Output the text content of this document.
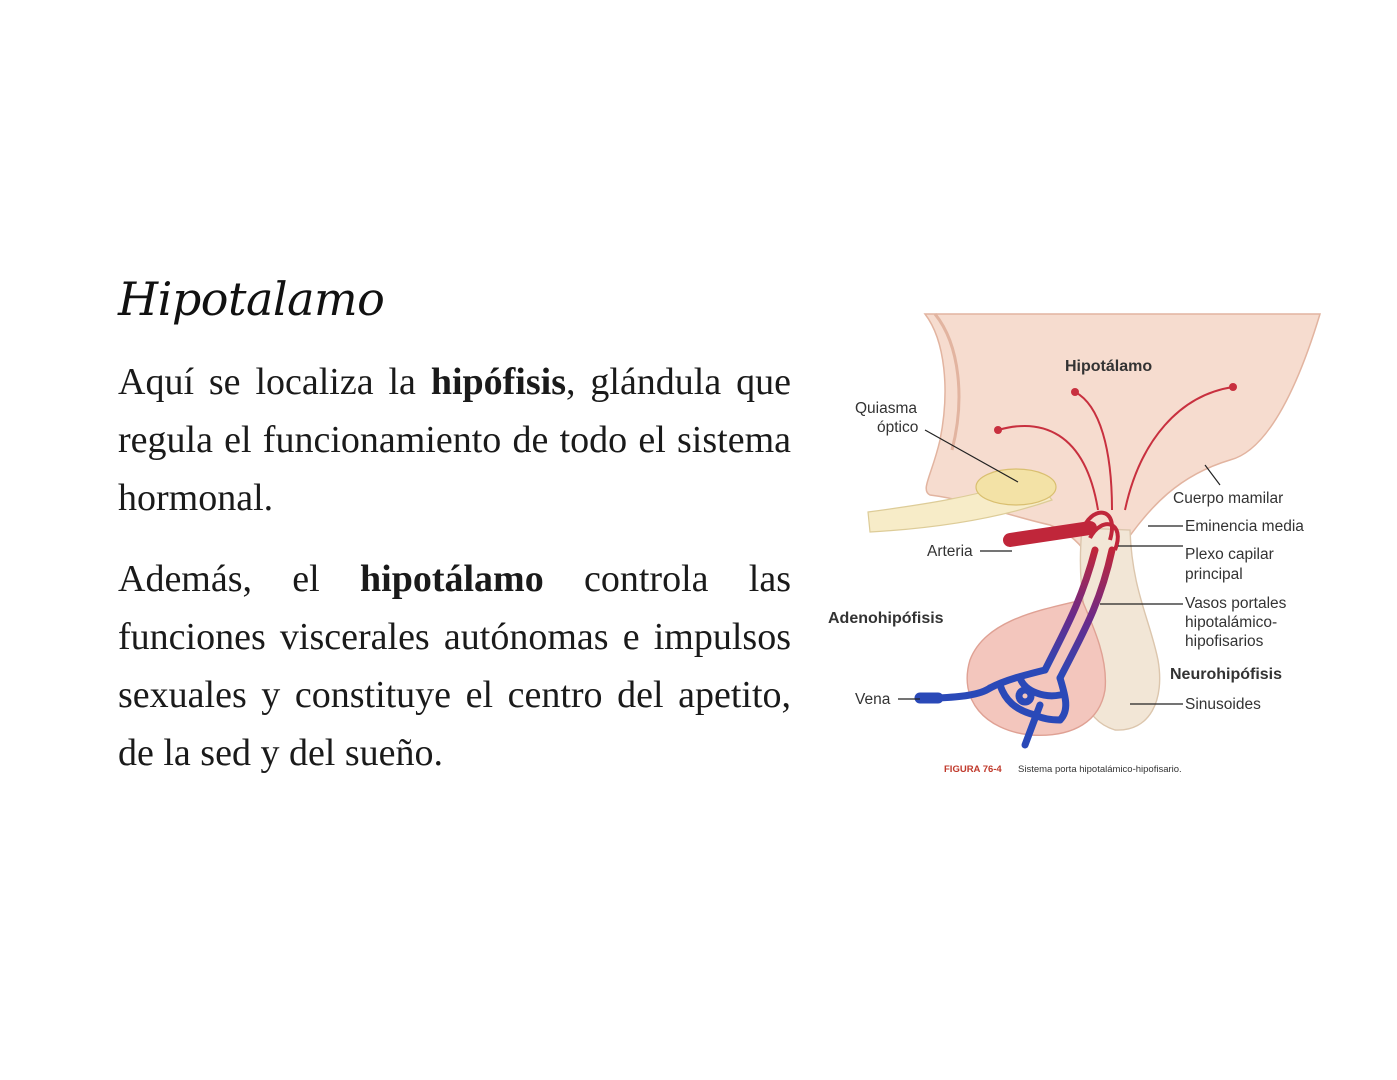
Hipotalamo

Aquí se localiza la hipófisis, glándula que regula el funcionamiento de todo el sistema hormonal.

Además, el hipotálamo controla las funciones viscerales autónomas e impulsos sexuales y constituye el centro del apetito, de la sed y del sueño.

Hipotálamo
Quiasma
óptico
Cuerpo mamilar
Eminencia media
Plexo capilar
principal
Arteria
Vasos portales
hipotalámico-
hipofisarios
Adenohipófisis
Neurohipófisis
Vena	Sinusoides
FIGURA 76-4 Sistema porta hipotalámico-hipofisario.
